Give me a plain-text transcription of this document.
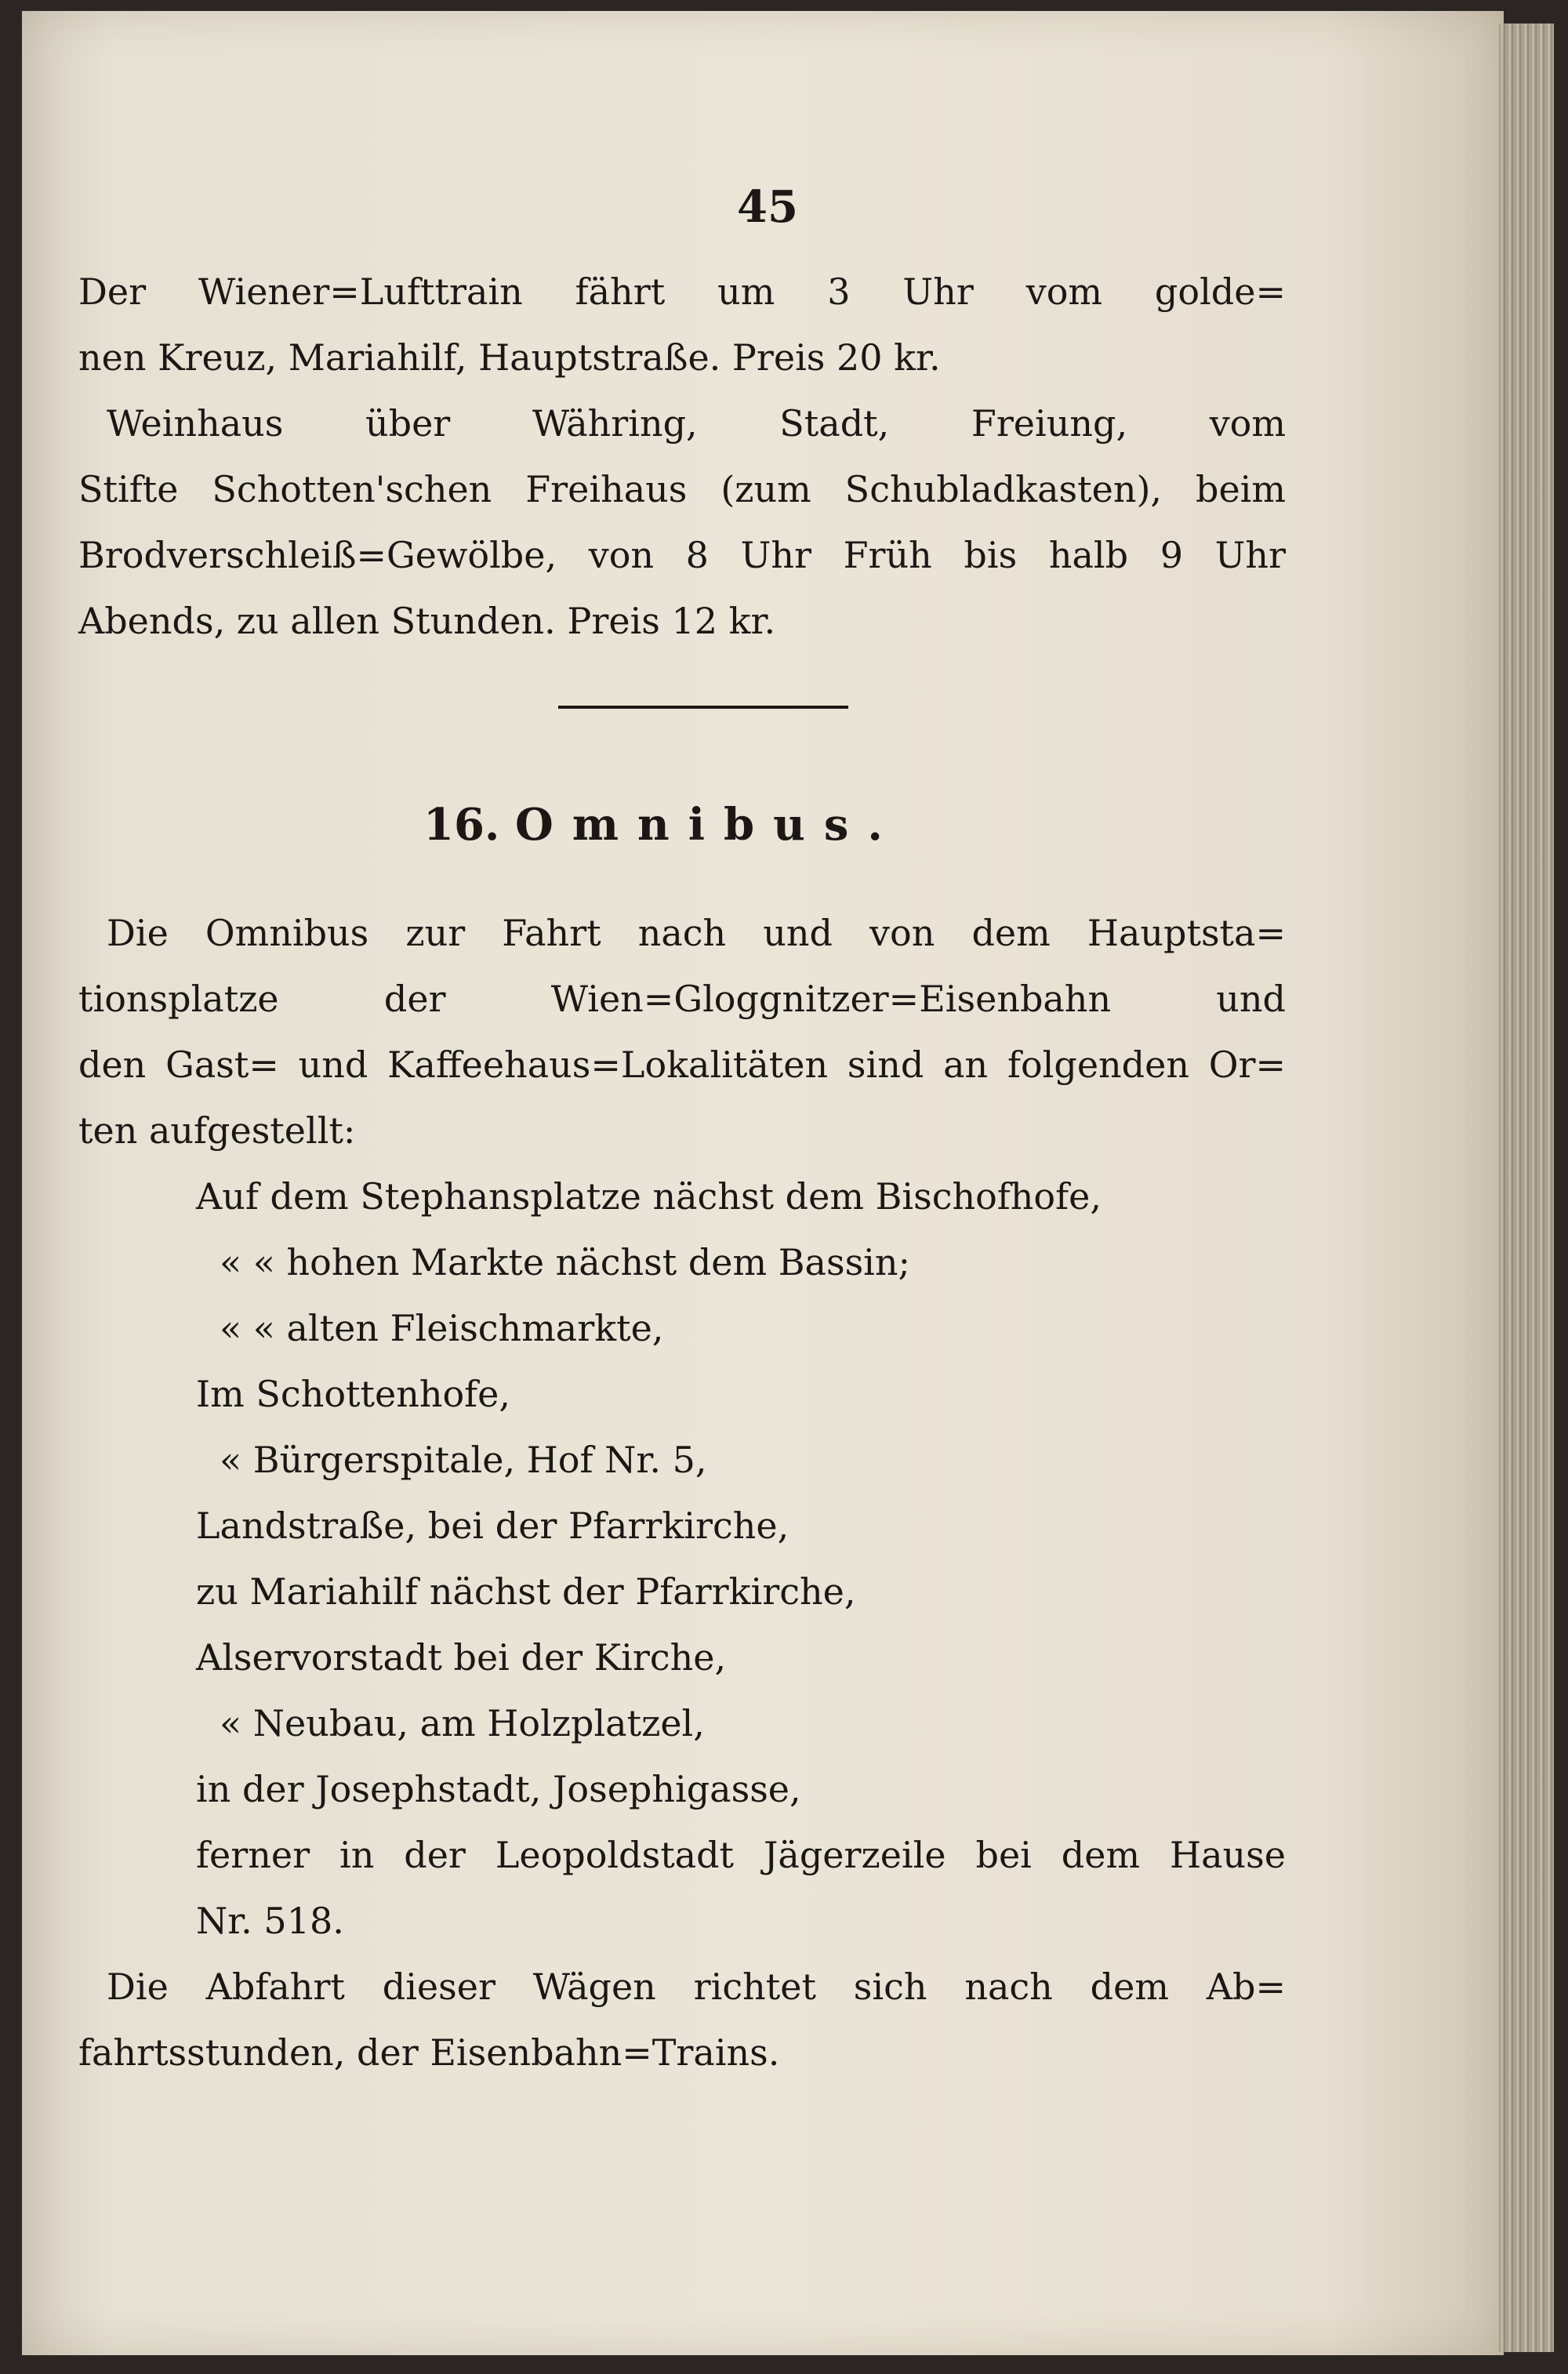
45
Der Wiener=Lufttrain fährt um 3 Uhr vom golde=
nen Kreuz, Mariahilf, Hauptstraße. Preis 20 kr.
Weinhaus über Währing, Stadt, Freiung, vom
Stifte Schotten'schen Freihaus (zum Schubladkasten), beim
Brodverschleiß=Gewölbe, von 8 Uhr Früh bis halb 9 Uhr
Abends, zu allen Stunden. Preis 12 kr.
16. Omnibus.
Die Omnibus zur Fahrt nach und von dem Hauptsta=
tionsplatze der Wien=Gloggnitzer=Eisenbahn und
den Gast= und Kaffeehaus=Lokalitäten sind an folgenden Or=
ten aufgestellt:
Auf dem Stephansplatze nächst dem Bischofhofe,
« « hohen Markte nächst dem Bassin;
« « alten Fleischmarkte,
Im Schottenhofe,
« Bürgerspitale, Hof Nr. 5,
Landstraße, bei der Pfarrkirche,
zu Mariahilf nächst der Pfarrkirche,
Alservorstadt bei der Kirche,
« Neubau, am Holzplatzel,
in der Josephstadt, Josephigasse,
ferner in der Leopoldstadt Jägerzeile bei dem Hause
Nr. 518.
Die Abfahrt dieser Wägen richtet sich nach dem Ab=
fahrtsstunden, der Eisenbahn=Trains.
